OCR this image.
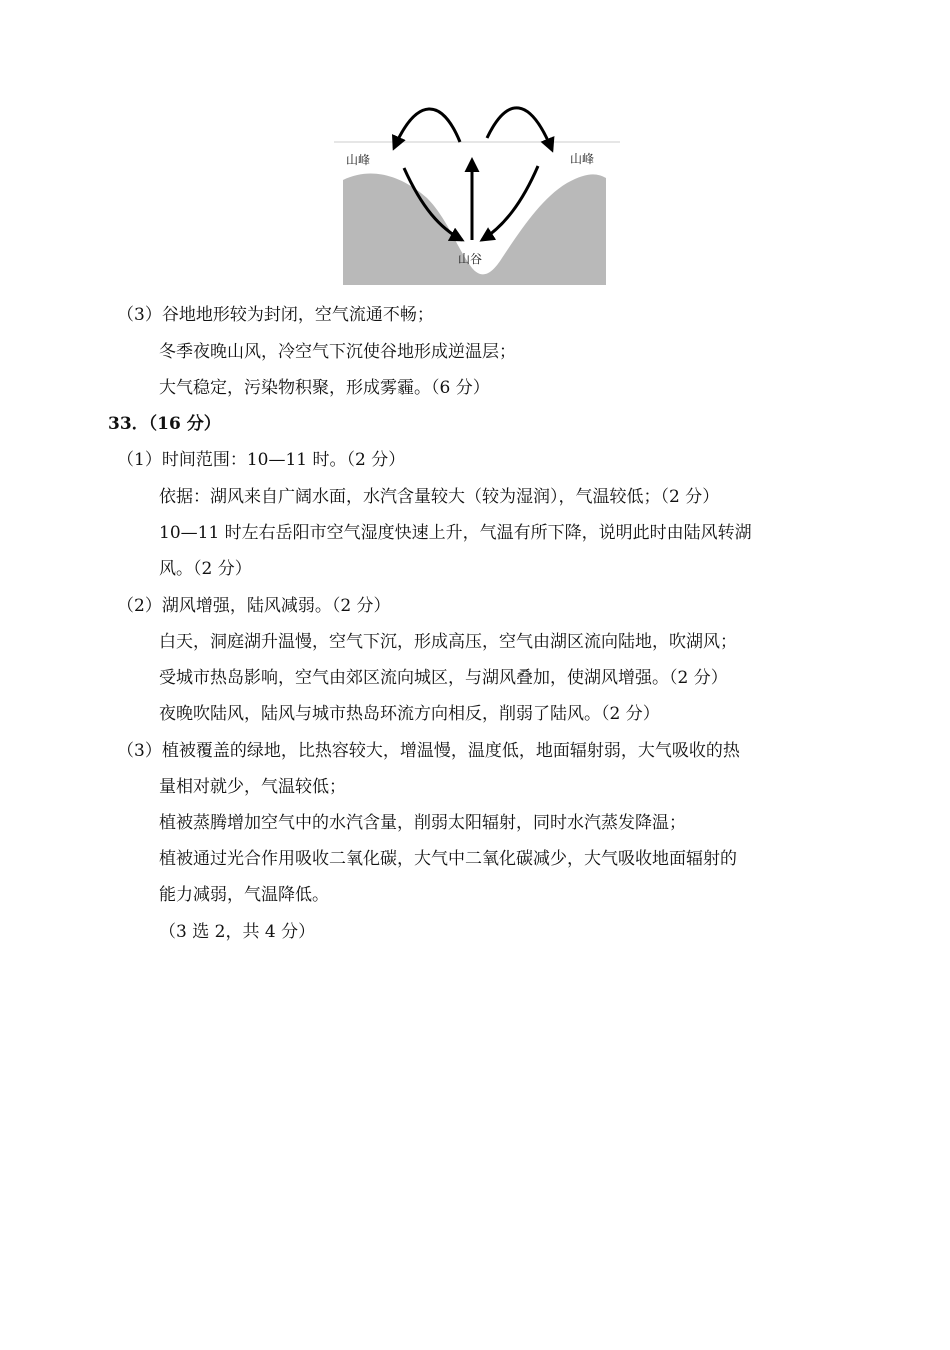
山峰	山峰
山谷
（3）谷地地形较为封闭，空气流通不畅；
冬季夜晚山风，冷空气下沉使谷地形成逆温层；
大气稳定，污染物积聚，形成雾霾。（6 分）
33．（16 分）
（1）时间范围：10—11 时。（2 分）
依据：湖风来自广阔水面，水汽含量较大（较为湿润），气温较低；（2 分）
10—11 时左右岳阳市空气湿度快速上升，气温有所下降，说明此时由陆风转湖
风。（2 分）
（2）湖风增强，陆风减弱。（2 分）
白天，洞庭湖升温慢，空气下沉，形成高压，空气由湖区流向陆地，吹湖风；
受城市热岛影响，空气由郊区流向城区，与湖风叠加，使湖风增强。（2 分）
夜晚吹陆风，陆风与城市热岛环流方向相反，削弱了陆风。（2 分）
（3）植被覆盖的绿地，比热容较大，增温慢，温度低，地面辐射弱，大气吸收的热
量相对就少，气温较低；
植被蒸腾增加空气中的水汽含量，削弱太阳辐射，同时水汽蒸发降温；
植被通过光合作用吸收二氧化碳，大气中二氧化碳减少，大气吸收地面辐射的
能力减弱，气温降低。
（3 选 2，共 4 分）
